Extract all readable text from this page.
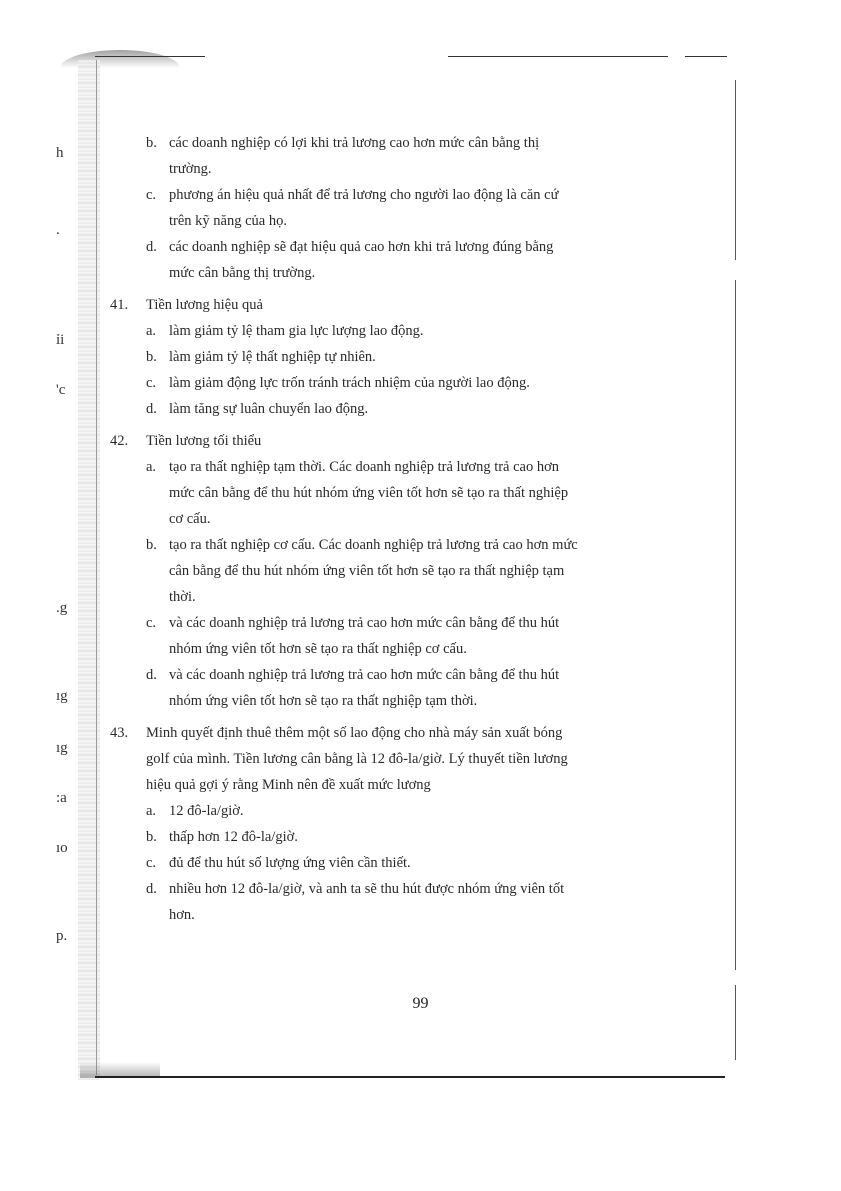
h
.
ỉi
'c
.g
ıg
ıg
:a
ıo
p.
b. các doanh nghiệp có lợi khi trả lương cao hơn mức cân bằng thị
trường.
c. phương án hiệu quả nhất để trả lương cho người lao động là căn cứ
trên kỹ năng của họ.
d. các doanh nghiệp sẽ đạt hiệu quả cao hơn khi trả lương đúng bằng
mức cân bằng thị trường.
41. Tiền lương hiệu quả
a. làm giảm tỷ lệ tham gia lực lượng lao động.
b. làm giảm tỷ lệ thất nghiệp tự nhiên.
c. làm giảm động lực trốn tránh trách nhiệm của người lao động.
d. làm tăng sự luân chuyển lao động.
42. Tiền lương tối thiểu
a. tạo ra thất nghiệp tạm thời. Các doanh nghiệp trả lương trả cao hơn
mức cân bằng để thu hút nhóm ứng viên tốt hơn sẽ tạo ra thất nghiệp
cơ cấu.
b. tạo ra thất nghiệp cơ cấu. Các doanh nghiệp trả lương trả cao hơn mức
cân bằng để thu hút nhóm ứng viên tốt hơn sẽ tạo ra thất nghiệp tạm
thời.
c. và các doanh nghiệp trả lương trả cao hơn mức cân bằng để thu hút
nhóm ứng viên tốt hơn sẽ tạo ra thất nghiệp cơ cấu.
d. và các doanh nghiệp trả lương trả cao hơn mức cân bằng để thu hút
nhóm ứng viên tốt hơn sẽ tạo ra thất nghiệp tạm thời.
43. Minh quyết định thuê thêm một số lao động cho nhà máy sản xuất bóng
golf của mình. Tiền lương cân bằng là 12 đô-la/giờ. Lý thuyết tiền lương
hiệu quả gợi ý rằng Minh nên đề xuất mức lương
a. 12 đô-la/giờ.
b. thấp hơn 12 đô-la/giờ.
c. đủ để thu hút số lượng ứng viên cần thiết.
d. nhiều hơn 12 đô-la/giờ, và anh ta sẽ thu hút được nhóm ứng viên tốt
hơn.
99
